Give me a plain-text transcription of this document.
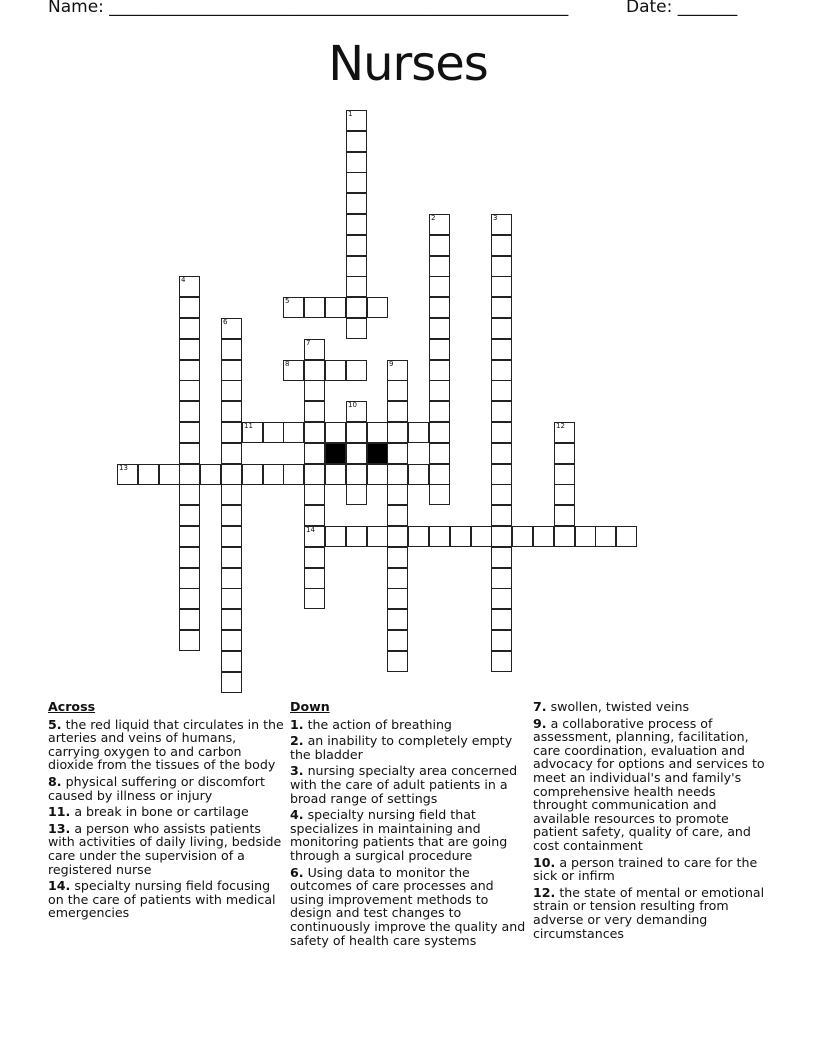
Name: ______________________________________________________	Date: _______
Nurses
1
2	3
4
5
6
7
14
8	9
10
11	12
13
Across
5. the red liquid that circulates in the arteries and veins of humans, carrying oxygen to and carbon dioxide from the tissues of the body
8. physical suffering or discomfort caused by illness or injury
11. a break in bone or cartilage
13. a person who assists patients with activities of daily living, bedside care under the supervision of a registered nurse
14. specialty nursing field focusing on the care of patients with medical emergencies
Down
1. the action of breathing
2. an inability to completely empty the bladder
3. nursing specialty area concerned with the care of adult patients in a broad range of settings
4. specialty nursing field that specializes in maintaining and monitoring patients that are going through a surgical procedure
6. Using data to monitor the outcomes of care processes and using improvement methods to design and test changes to continuously improve the quality and safety of health care systems
7. swollen, twisted veins
9. a collaborative process of assessment, planning, facilitation, care coordination, evaluation and advocacy for options and services to meet an individual's and family's comprehensive health needs throught communication and available resources to promote patient safety, quality of care, and cost containment
10. a person trained to care for the sick or infirm
12. the state of mental or emotional strain or tension resulting from adverse or very demanding circumstances
